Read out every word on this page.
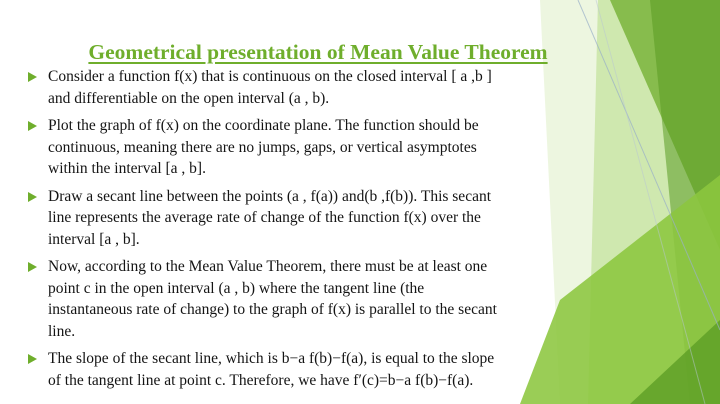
Geometrical presentation of Mean Value Theorem
Consider a function f(x) that is continuous on the closed interval [ a ,b ]
and differentiable on the open interval (a , b).
Plot the graph of f(x) on the coordinate plane. The function should be
continuous, meaning there are no jumps, gaps, or vertical asymptotes
within the interval [a , b].
Draw a secant line between the points (a , f(a)) and(b ,f(b)). This secant
line represents the average rate of change of the function f(x) over the
interval [a , b].
Now, according to the Mean Value Theorem, there must be at least one
point c in the open interval (a , b) where the tangent line (the
instantaneous rate of change) to the graph of f(x) is parallel to the secant
line.
The slope of the secant line, which is b−a f(b)−f(a), is equal to the slope
of the tangent line at point c. Therefore, we have f′(c)=b−a f(b)−f(a).
